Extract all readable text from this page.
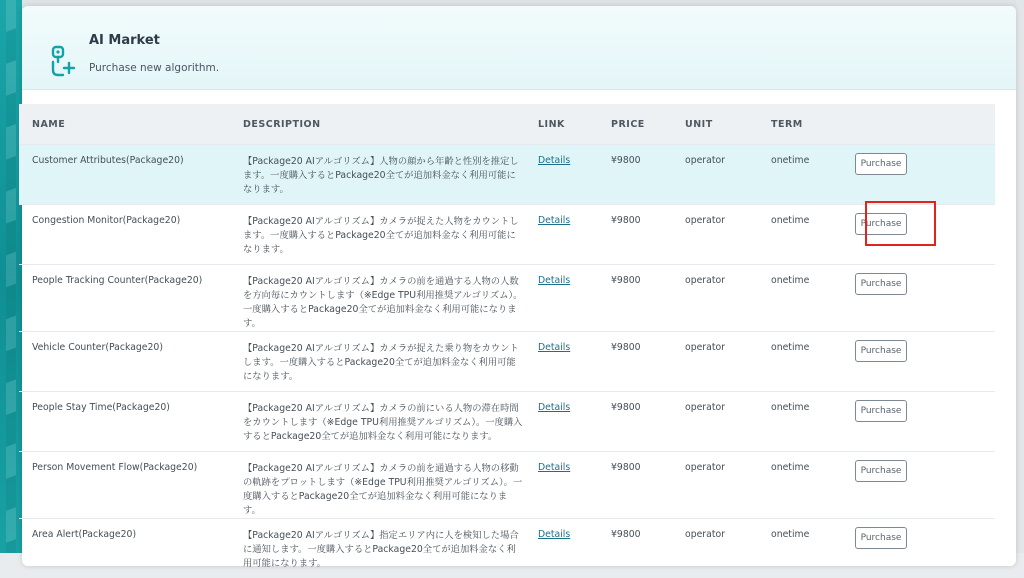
AI Market
Purchase new algorithm.
NAME	DESCRIPTION	LINK	PRICE	UNIT	TERM	
Customer Attributes(Package20)	【Package20 AIアルゴリズム】人物の顔から年齢と性別を推定します。一度購入するとPackage20全てが追加料金なく利用可能になります。	Details	¥9800	operator	onetime	Purchase
Congestion Monitor(Package20)	【Package20 AIアルゴリズム】カメラが捉えた人物をカウントします。一度購入するとPackage20全てが追加料金なく利用可能になります。	Details	¥9800	operator	onetime	Purchase
People Tracking Counter(Package20)	【Package20 AIアルゴリズム】カメラの前を通過する人物の人数を方向毎にカウントします（※Edge TPU利用推奨アルゴリズム）。一度購入するとPackage20全てが追加料金なく利用可能になります。	Details	¥9800	operator	onetime	Purchase
Vehicle Counter(Package20)	【Package20 AIアルゴリズム】カメラが捉えた乗り物をカウントします。一度購入するとPackage20全てが追加料金なく利用可能になります。	Details	¥9800	operator	onetime	Purchase
People Stay Time(Package20)	【Package20 AIアルゴリズム】カメラの前にいる人物の滞在時間をカウントします（※Edge TPU利用推奨アルゴリズム）。一度購入するとPackage20全てが追加料金なく利用可能になります。	Details	¥9800	operator	onetime	Purchase
Person Movement Flow(Package20)	【Package20 AIアルゴリズム】カメラの前を通過する人物の移動の軌跡をプロットします（※Edge TPU利用推奨アルゴリズム）。一度購入するとPackage20全てが追加料金なく利用可能になります。	Details	¥9800	operator	onetime	Purchase
Area Alert(Package20)	【Package20 AIアルゴリズム】指定エリア内に人を検知した場合に通知します。一度購入するとPackage20全てが追加料金なく利用可能になります。	Details	¥9800	operator	onetime	Purchase
